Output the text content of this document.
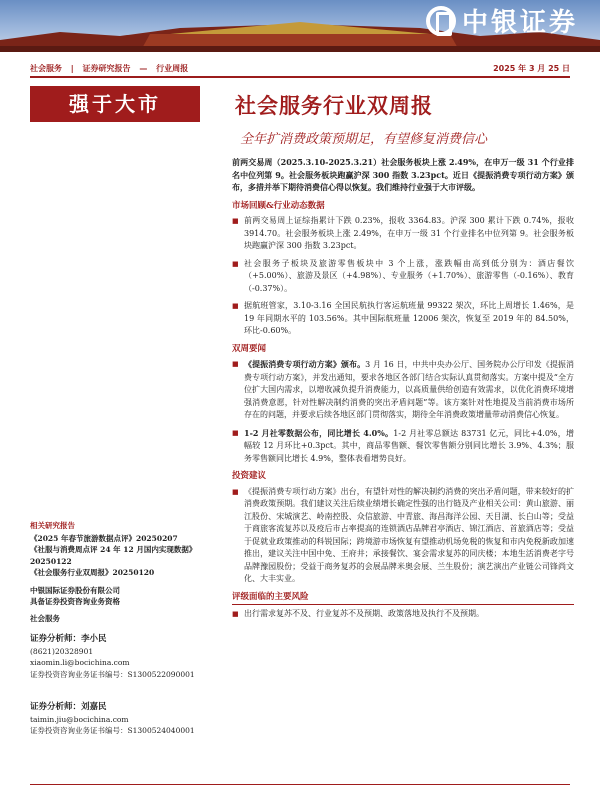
中银证券
社会服务 | 证券研究报告 — 行业周报	2025 年 3 月 25 日
强于大市	社会服务行业双周报
全年扩消费政策预期足，有望修复消费信心

前两交易周（2025.3.10-2025.3.21）社会服务板块上涨 2.49%，在申万一级 31 个行业排名中位列第 9。社会服务板块跑赢沪深 300 指数 3.23pct。近日《提振消费专项行动方案》颁布，多措并举下期待消费信心得以恢复。我们维持行业强于大市评级。

市场回顾&行业动态数据
■ 前两交易周上证综指累计下跌 0.23%，报收 3364.83。沪深 300 累计下跌 0.74%，报收 3914.70。社会服务板块上涨 2.49%，在申万一级 31 个行业排名中位列第 9。社会服务板块跑赢沪深 300 指数 3.23pct。
■ 社会服务子板块及旅游零售板块中 3 个上涨，涨跌幅由高到低分别为：酒店餐饮（+5.00%）、旅游及景区（+4.98%）、专业服务（+1.70%）、旅游零售（-0.16%）、教育（-0.37%）。
■ 据航班管家，3.10-3.16 全国民航执行客运航班量 99322 架次，环比上周增长 1.46%，是 19 年同期水平的 103.56%。其中国际航班量 12006 架次，恢复至 2019 年的 84.50%，环比-0.60%。
双周要闻
■ 《提振消费专项行动方案》颁布。3 月 16 日，中共中央办公厅、国务院办公厅印发《提振消费专项行动方案》，并发出通知，要求各地区各部门结合实际认真贯彻落实。方案中提及“全方位扩大国内需求，以增收减负提升消费能力，以高质量供给创造有效需求，以优化消费环境增强消费意愿，针对性解决制约消费的突出矛盾问题”等。该方案针对性地提及当前消费市场所存在的问题，并要求后续各地区部门贯彻落实，期待全年消费政策增量带动消费信心恢复。
■ 1-2 月社零数据公布，同比增长 4.0%。1-2 月社零总额达 83731 亿元，同比+4.0%，增幅较 12 月环比+0.3pct。其中，商品零售额、餐饮零售额分别同比增长 3.9%、4.3%；服务零售额同比增长 4.9%，整体表看增势良好。
投资建议
■ 《提振消费专项行动方案》出台，有望针对性的解决制约消费的突出矛盾问题，带来较好的扩消费政策预期。我们建议关注后续业绩增长确定性强的出行链及产业相关公司：黄山旅游、丽江股份、宋城演艺、岭南控股、众信旅游、中青旅、海昌海洋公园、天目湖、长白山等；受益于商旅客流复苏以及疫后市占率提高的连锁酒店品牌君亭酒店、锦江酒店、首旅酒店等；受益于促就业政策推动的科锐国际；跨境游市场恢复有望推动机场免税的恢复和市内免税新政加速推出，建议关注中国中免、王府井；承接餐饮、宴会需求复苏的同庆楼；本地生活消费老字号品牌豫园股份；受益于商务复苏的会展品牌米奥会展、兰生股份；演艺演出产业链公司锋尚文化、大丰实业。
评级面临的主要风险
■ 出行需求复苏不及、行业复苏不及预期、政策落地及执行不及预期。
相关研究报告
《2025 年春节旅游数据点评》20250207
《社服与消费周点评 24 年 12 月国内实现数据》20250122
《社会服务行业双周报》20250120
中银国际证券股份有限公司
具备证券投资咨询业务资格
社会服务
证券分析师：李小民
(8621)20328901
xiaomin.li@bocichina.com
证券投资咨询业务证书编号：S1300522090001
证券分析师：刘嘉民
taimin.jiu@bocichina.com
证券投资咨询业务证书编号：S1300524040001
